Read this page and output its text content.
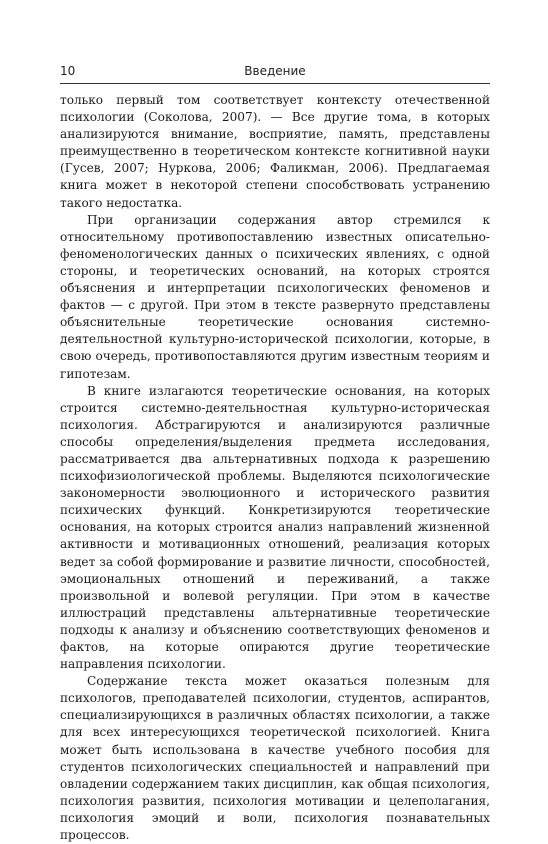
10	Введение

только первый том соответствует контексту отечественной психологии (Соколова, 2007). — Все другие тома, в которых анализируются внимание, восприятие, память, представлены преимущественно в теоретическом контексте когнитивной науки (Гусев, 2007; Нуркова, 2006; Фаликман, 2006). Предлагаемая книга может в некоторой степени способствовать устранению такого недостатка.

При организации содержания автор стремился к относительному противопоставлению известных описательно-феноменологических данных о психических явлениях, с одной стороны, и теоретических оснований, на которых строятся объяснения и интерпретации психологических феноменов и фактов — с другой. При этом в тексте развернуто представлены объяснительные теоретические основания системно-деятельностной культурно-исторической психологии, которые, в свою очередь, противопоставляются другим известным теориям и гипотезам.

В книге излагаются теоретические основания, на которых строится системно-деятельностная культурно-историческая психология. Абстрагируются и анализируются различные способы определения/выделения предмета исследования, рассматривается два альтернативных подхода к разрешению психофизиологической проблемы. Выделяются психологические закономерности эволюционного и исторического развития психических функций. Конкретизируются теоретические основания, на которых строится анализ направлений жизненной активности и мотивационных отношений, реализация которых ведет за собой формирование и развитие личности, способностей, эмоциональных отношений и переживаний, а также произвольной и волевой регуляции. При этом в качестве иллюстраций представлены альтернативные теоретические подходы к анализу и объяснению соответствующих феноменов и фактов, на которые опираются другие теоретические направления психологии.

Содержание текста может оказаться полезным для психологов, преподавателей психологии, студентов, аспирантов, специализирующихся в различных областях психологии, а также для всех интересующихся теоретической психологией. Книга может быть использована в качестве учебного пособия для студентов психологических специальностей и направлений при овладении содержанием таких дисциплин, как общая психология, психология развития, психология мотивации и целеполагания, психология эмоций и воли, психология познавательных процессов.
